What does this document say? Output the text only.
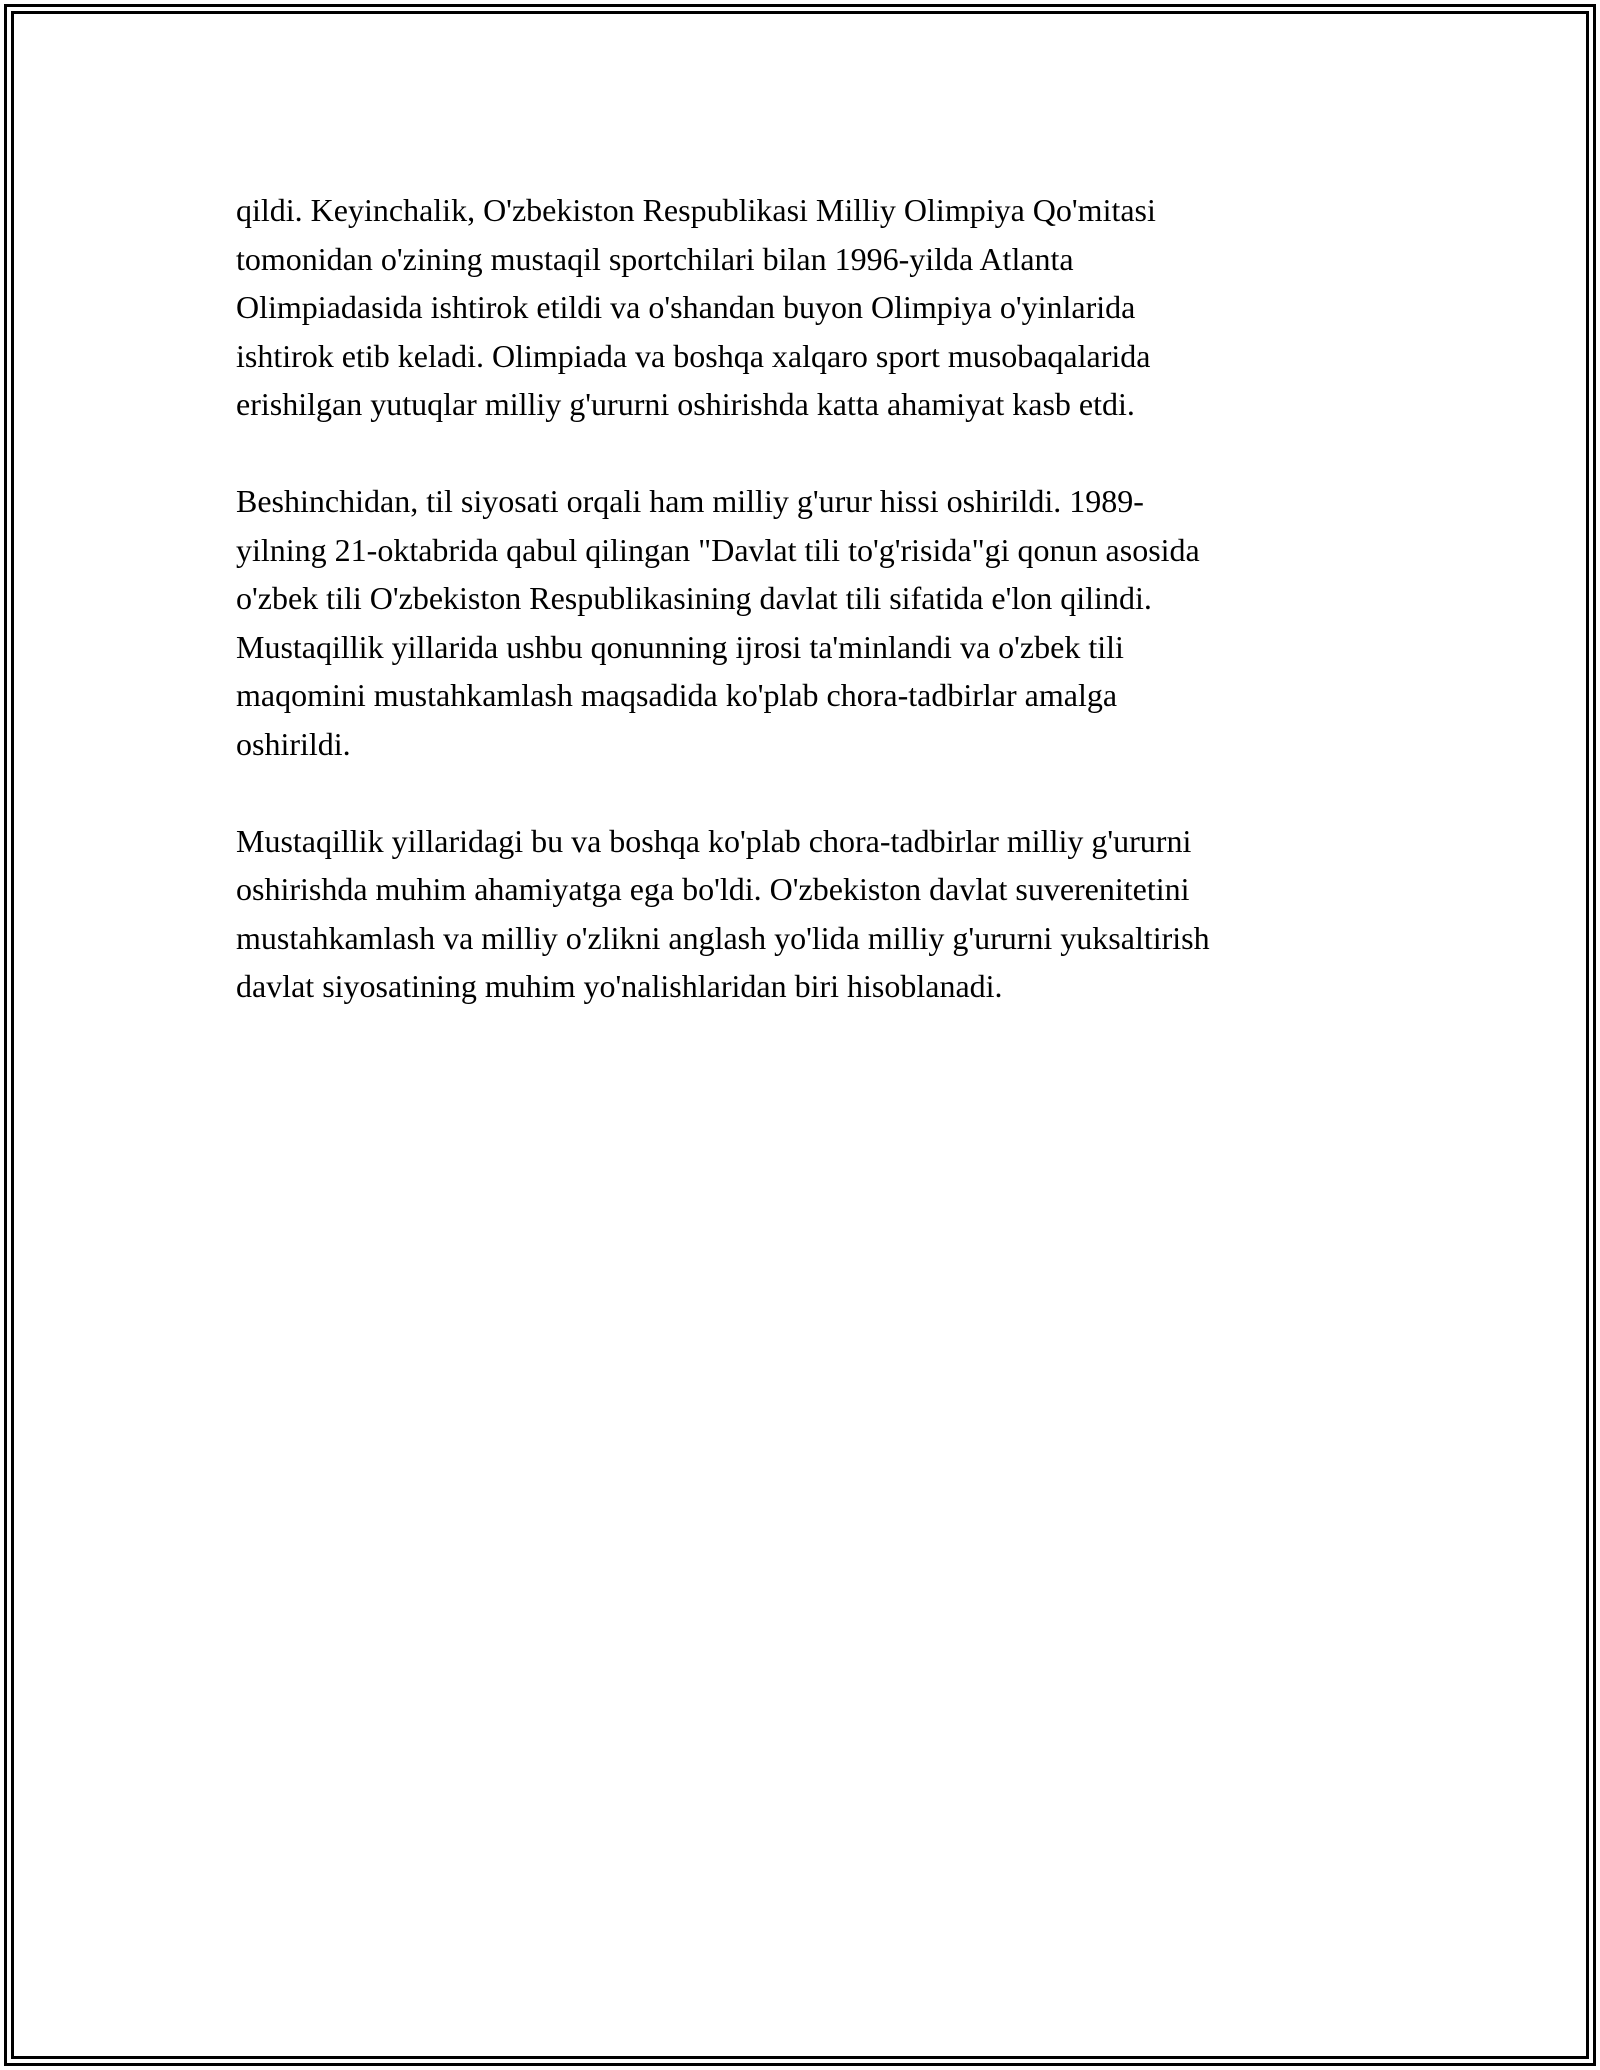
qildi. Keyinchalik, O'zbekiston Respublikasi Milliy Olimpiya Qo'mitasi
tomonidan o'zining mustaqil sportchilari bilan 1996-yilda Atlanta
Olimpiadasida ishtirok etildi va o'shandan buyon Olimpiya o'yinlarida
ishtirok etib keladi. Olimpiada va boshqa xalqaro sport musobaqalarida
erishilgan yutuqlar milliy g'ururni oshirishda katta ahamiyat kasb etdi.

Beshinchidan, til siyosati orqali ham milliy g'urur hissi oshirildi. 1989-
yilning 21-oktabrida qabul qilingan "Davlat tili to'g'risida"gi qonun asosida
o'zbek tili O'zbekiston Respublikasining davlat tili sifatida e'lon qilindi.
Mustaqillik yillarida ushbu qonunning ijrosi ta'minlandi va o'zbek tili
maqomini mustahkamlash maqsadida ko'plab chora-tadbirlar amalga
oshirildi.

Mustaqillik yillaridagi bu va boshqa ko'plab chora-tadbirlar milliy g'ururni
oshirishda muhim ahamiyatga ega bo'ldi. O'zbekiston davlat suverenitetini
mustahkamlash va milliy o'zlikni anglash yo'lida milliy g'ururni yuksaltirish
davlat siyosatining muhim yo'nalishlaridan biri hisoblanadi.
